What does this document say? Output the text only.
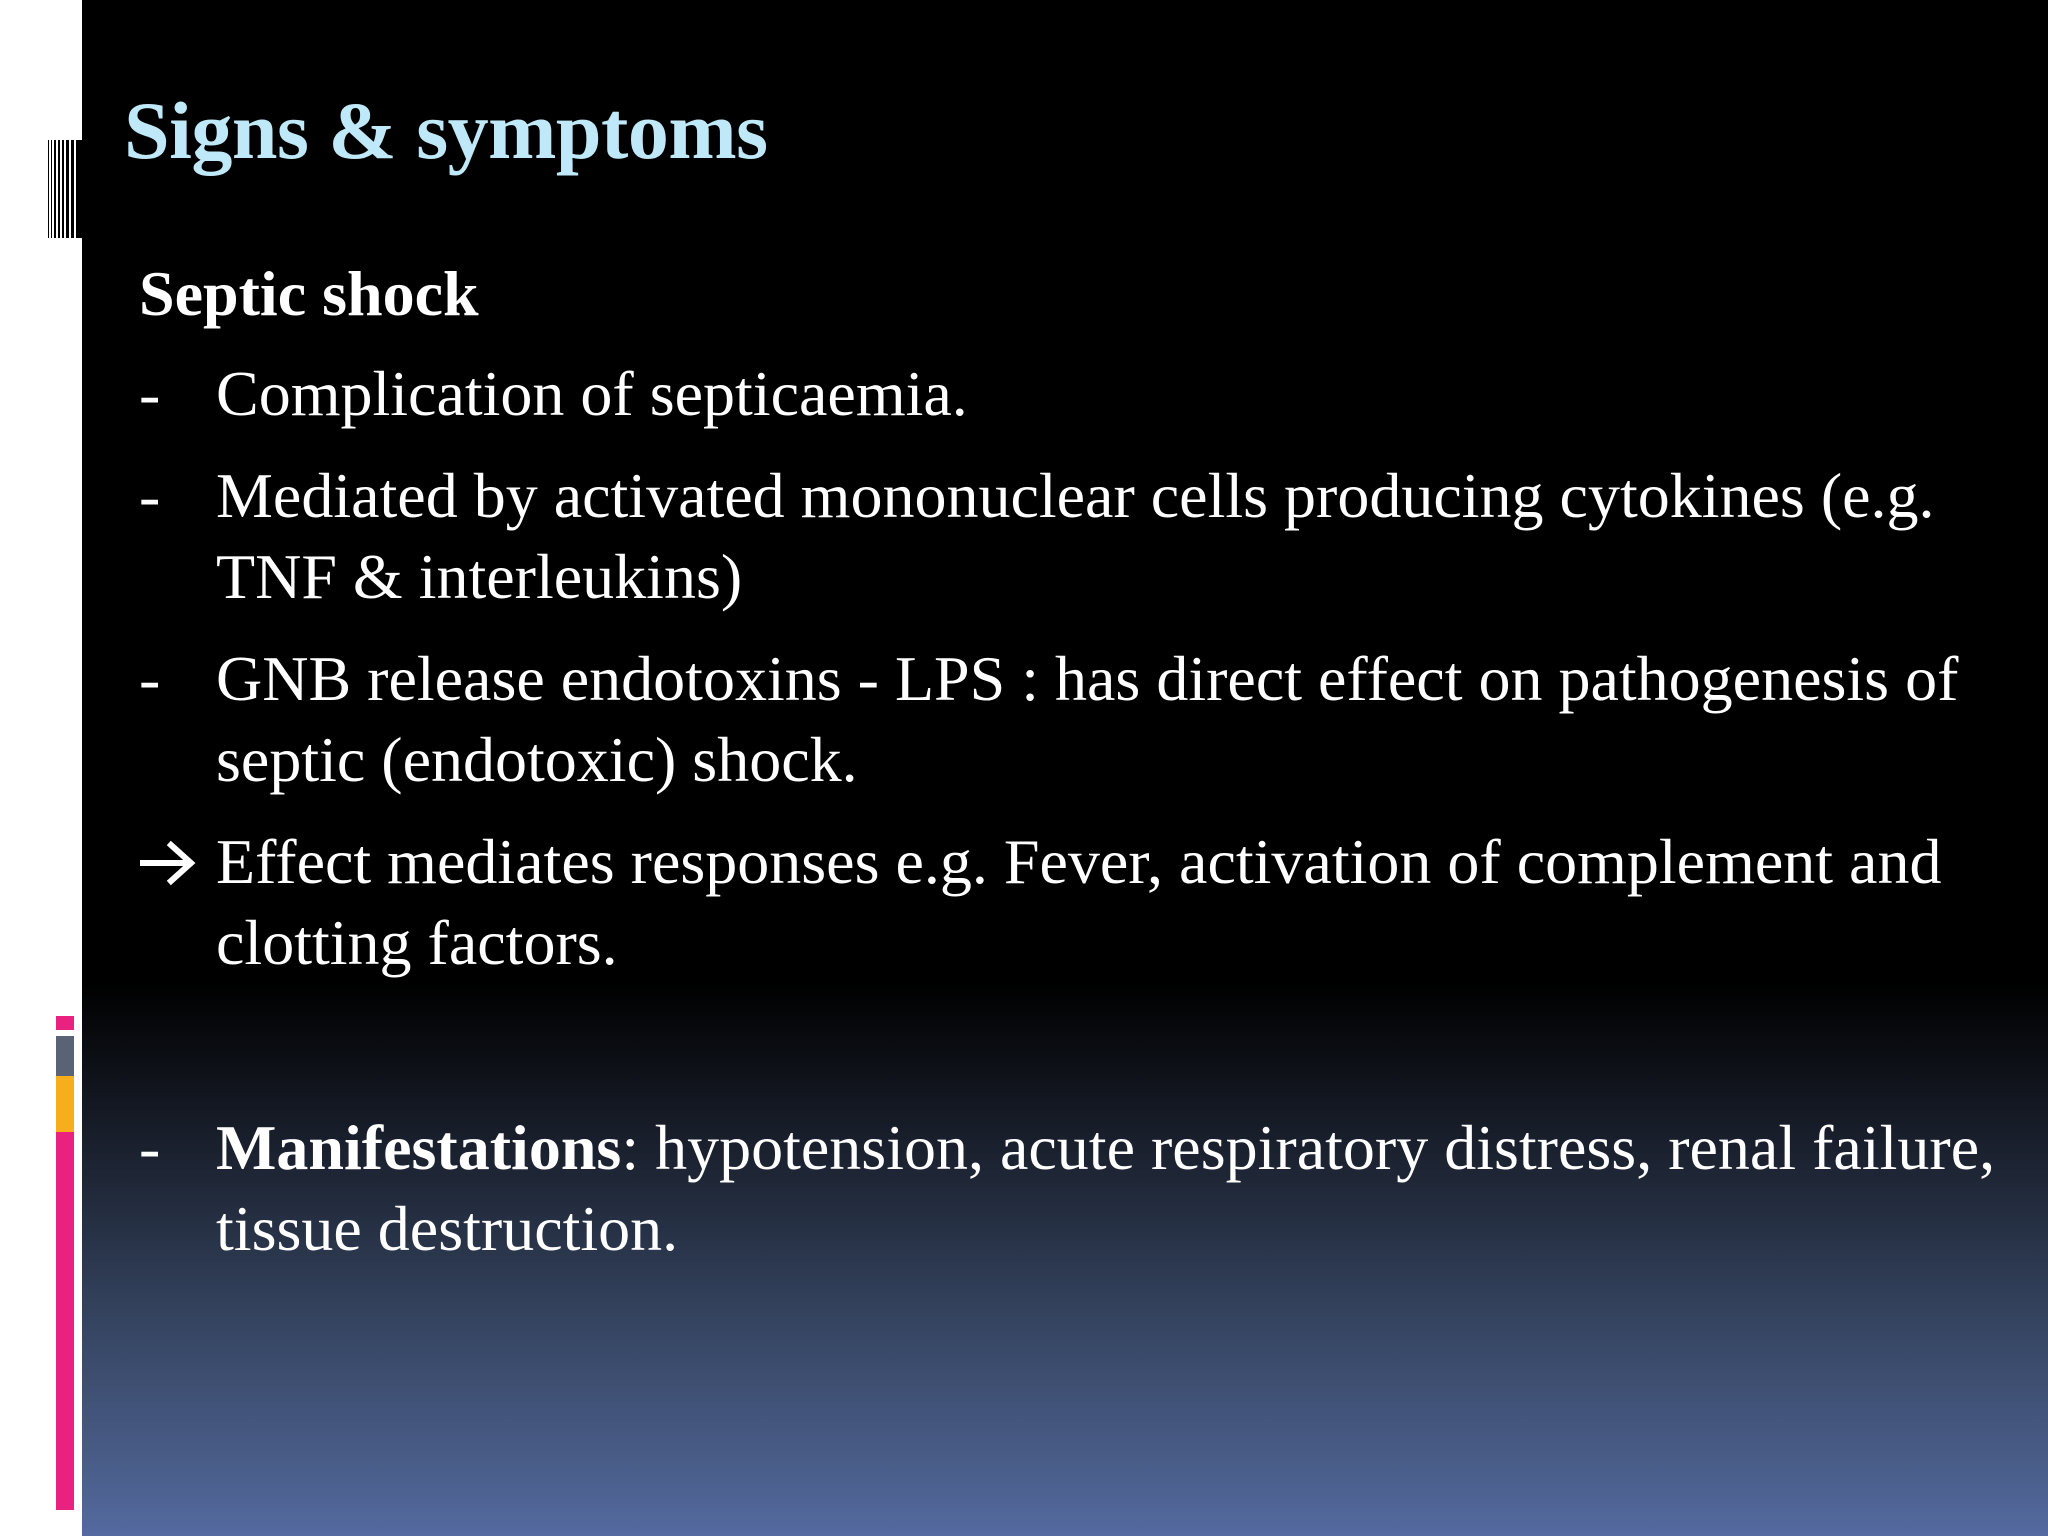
Signs & symptoms
Septic shock
- Complication of septicaemia.
- Mediated by activated mononuclear cells producing cytokines (e.g. TNF & interleukins)
- GNB release endotoxins - LPS : has direct effect on pathogenesis of septic (endotoxic) shock.
Effect mediates responses e.g. Fever, activation of complement and clotting factors.
- Manifestations: hypotension, acute respiratory distress, renal failure, tissue destruction.
